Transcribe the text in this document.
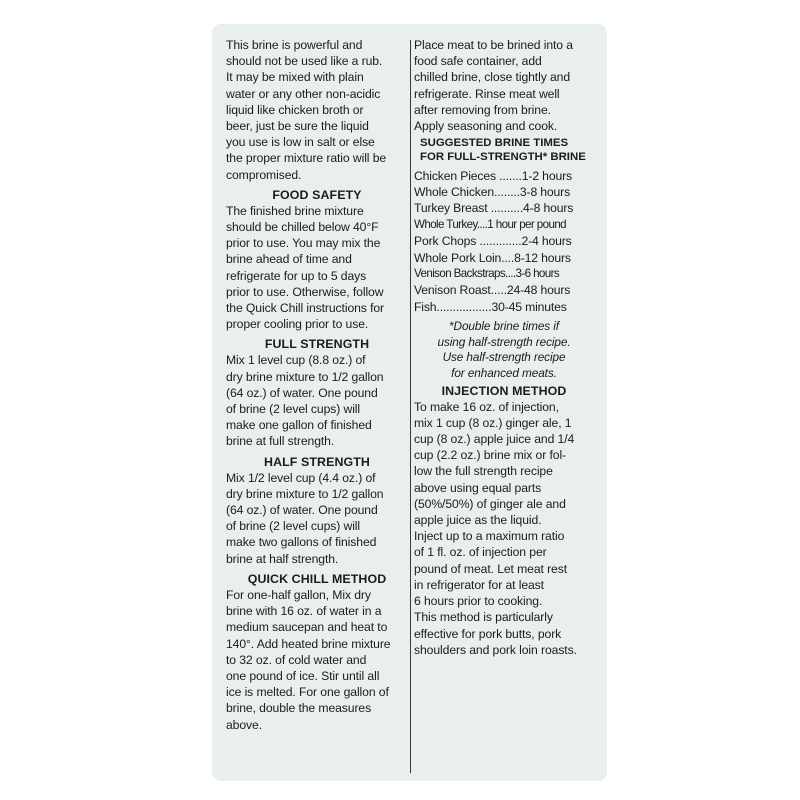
This brine is powerful and
should not be used like a rub.
It may be mixed with plain
water or any other non-acidic
liquid like chicken broth or
beer, just be sure the liquid
you use is low in salt or else
the proper mixture ratio will be
compromised.

FOOD SAFETY

The finished brine mixture
should be chilled below 40°F
prior to use. You may mix the
brine ahead of time and
refrigerate for up to 5 days
prior to use. Otherwise, follow
the Quick Chill instructions for
proper cooling prior to use.

FULL STRENGTH

Mix 1 level cup (8.8 oz.) of
dry brine mixture to 1/2 gallon
(64 oz.) of water. One pound
of brine (2 level cups) will
make one gallon of finished
brine at full strength.

HALF STRENGTH

Mix 1/2 level cup (4.4 oz.) of
dry brine mixture to 1/2 gallon
(64 oz.) of water. One pound
of brine (2 level cups) will
make two gallons of finished
brine at half strength.

QUICK CHILL METHOD

For one-half gallon, Mix dry
brine with 16 oz. of water in a
medium saucepan and heat to
140°. Add heated brine mixture
to 32 oz. of cold water and
one pound of ice. Stir until all
ice is melted. For one gallon of
brine, double the measures
above.

Place meat to be brined into a
food safe container, add
chilled brine, close tightly and
refrigerate. Rinse meat well
after removing from brine.
Apply seasoning and cook.

SUGGESTED BRINE TIMES
FOR FULL-STRENGTH* BRINE
Chicken Pieces .......1-2 hours
Whole Chicken........3-8 hours
Turkey Breast ..........4-8 hours
Whole Turkey....1 hour per pound
Pork Chops .............2-4 hours
Whole Pork Loin....8-12 hours
Venison Backstraps....3-6 hours
Venison Roast.....24-48 hours
Fish.................30-45 minutes

*Double brine times if
using half-strength recipe.
Use half-strength recipe
for enhanced meats.

INJECTION METHOD

To make 16 oz. of injection,
mix 1 cup (8 oz.) ginger ale, 1
cup (8 oz.) apple juice and 1/4
cup (2.2 oz.) brine mix or fol-
low the full strength recipe
above using equal parts
(50%/50%) of ginger ale and
apple juice as the liquid.
Inject up to a maximum ratio
of 1 fl. oz. of injection per
pound of meat. Let meat rest
in refrigerator for at least
6 hours prior to cooking.
This method is particularly
effective for pork butts, pork
shoulders and pork loin roasts.
